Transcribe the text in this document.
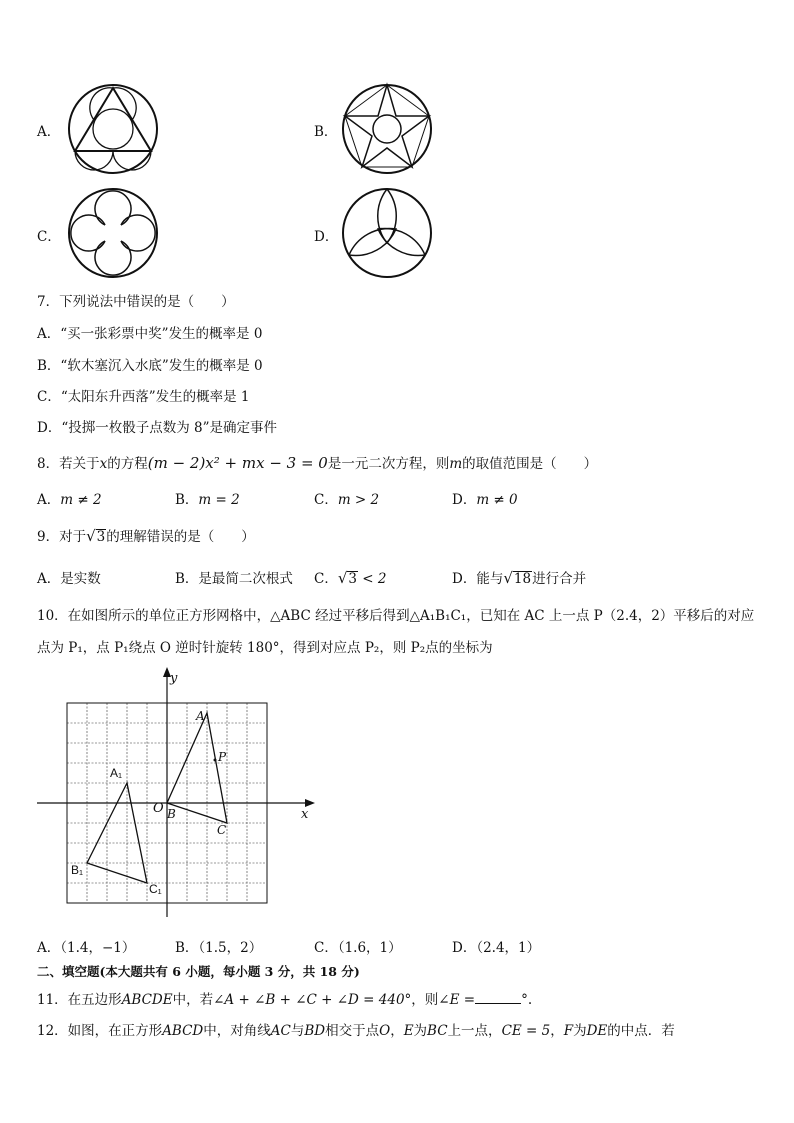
A．	B．
C．	D．
7．下列说法中错误的是（　　）
A．“买一张彩票中奖”发生的概率是 0
B．“软木塞沉入水底”发生的概率是 0
C．“太阳东升西落”发生的概率是 1
D．“投掷一枚骰子点数为 8”是确定事件
8．若关于x的方程(m − 2)x² + mx − 3 = 0是一元二次方程，则m的取值范围是（　　）
A．m ≠ 2	B．m = 2	C．m > 2	D．m ≠ 0
9．对于√3的理解错误的是（　　）
A．是实数	B．是最简二次根式 C．√3 < 2	D．能与√18进行合并
10．在如图所示的单位正方形网格中，△ABC 经过平移后得到△A₁B₁C₁，已知在 AC 上一点 P（2.4，2）平移后的对应
点为 P₁，点 P₁绕点 O 逆时针旋转 180°，得到对应点 P₂，则 P₂点的坐标为
x
y
O
A
B
C
P
A₁
B₁
C₁
A．（1.4，−1）	B．（1.5，2）	C．（1.6，1）	D．（2.4，1）
二、填空题(本大题共有 6 小题，每小题 3 分，共 18 分)
11．在五边形ABCDE中，若∠A + ∠B + ∠C + ∠D = 440°，则∠E =	°.
12．如图，在正方形ABCD中，对角线AC与BD相交于点O，E为BC上一点，CE = 5，F为DE的中点．若
